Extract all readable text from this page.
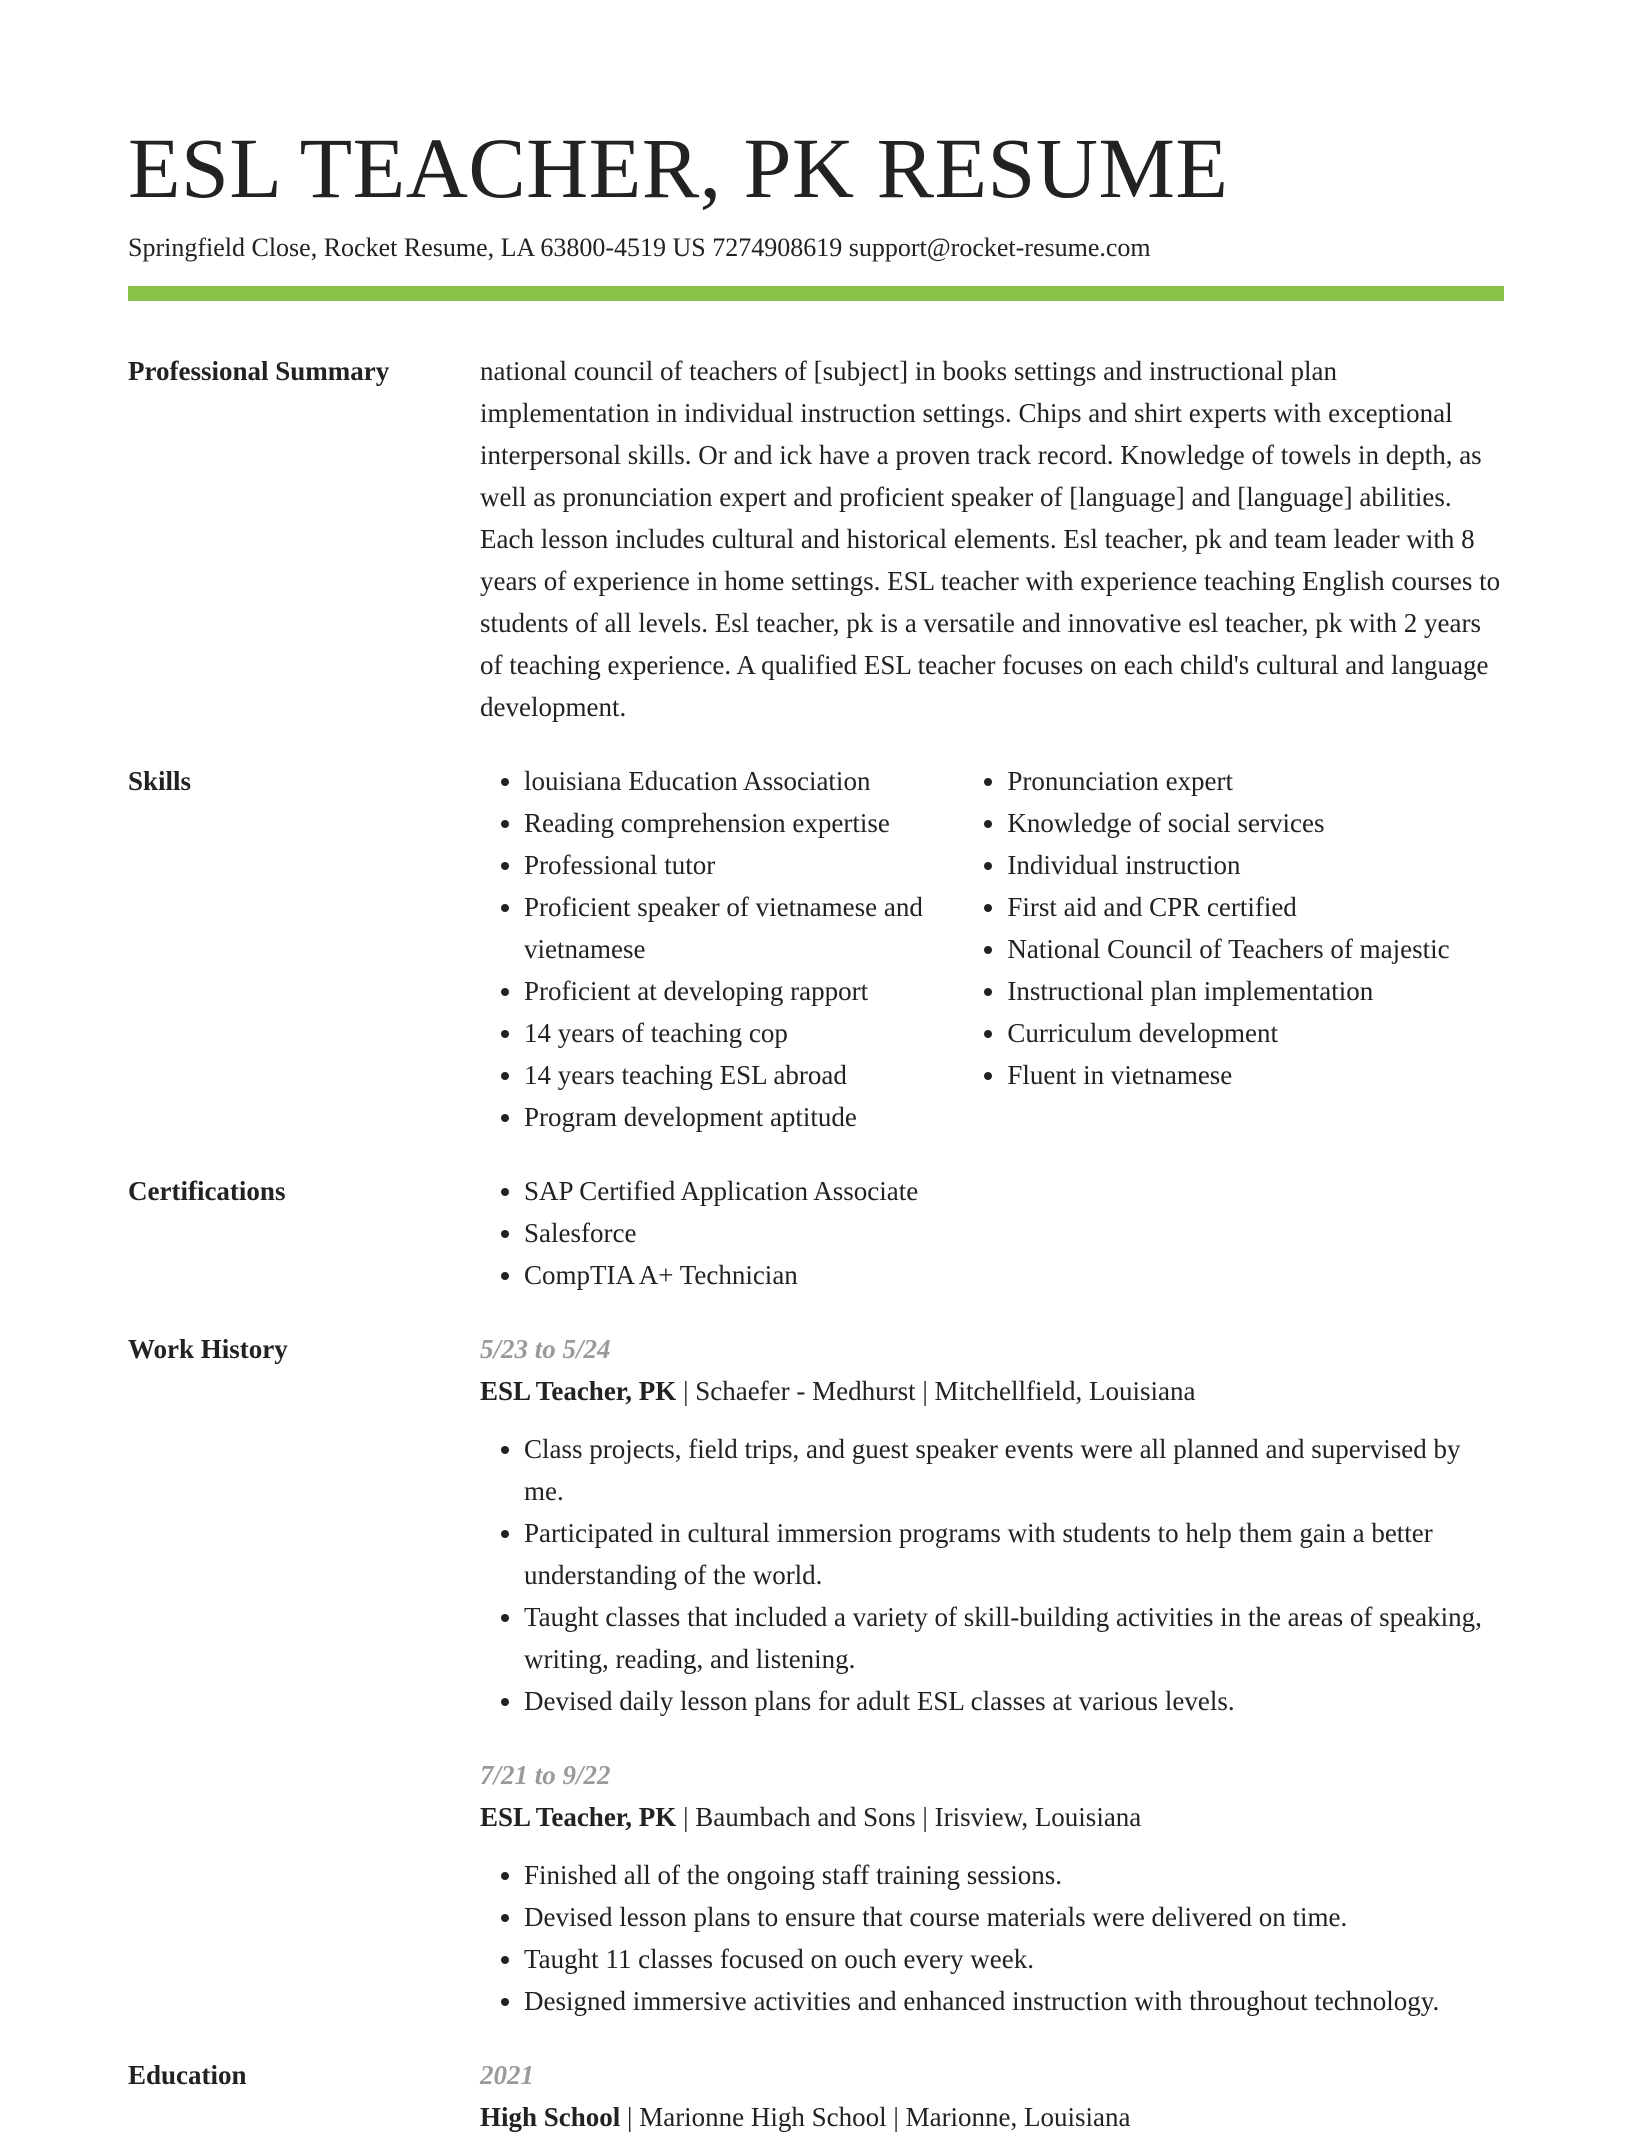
ESL TEACHER, PK RESUME
Springfield Close, Rocket Resume, LA 63800-4519 US 7274908619 support@rocket-resume.com
Professional Summary	national council of teachers of [subject] in books settings and instructional plan implementation in individual instruction settings. Chips and shirt experts with exceptional interpersonal skills. Or and ick have a proven track record. Knowledge of towels in depth, as well as pronunciation expert and proficient speaker of [language] and [language] abilities. Each lesson includes cultural and historical elements. Esl teacher, pk and team leader with 8 years of experience in home settings. ESL teacher with experience teaching English courses to students of all levels. Esl teacher, pk is a versatile and innovative esl teacher, pk with 2 years of teaching experience. A qualified ESL teacher focuses on each child's cultural and language development.

Skills	• louisiana Education Association
• Reading comprehension expertise
• Professional tutor
• Proficient speaker of vietnamese and vietnamese
• Proficient at developing rapport
• 14 years of teaching cop
• 14 years teaching ESL abroad
• Program development aptitude
• Pronunciation expert
• Knowledge of social services
• Individual instruction
• First aid and CPR certified
• National Council of Teachers of majestic
• Instructional plan implementation
• Curriculum development
• Fluent in vietnamese
Certifications	• SAP Certified Application Associate
• Salesforce
• CompTIA A+ Technician
Work History	5/23 to 5/24
ESL Teacher, PK | Schaefer - Medhurst | Mitchellfield, Louisiana
• Class projects, field trips, and guest speaker events were all planned and supervised by me.
• Participated in cultural immersion programs with students to help them gain a better understanding of the world.
• Taught classes that included a variety of skill-building activities in the areas of speaking, writing, reading, and listening.
• Devised daily lesson plans for adult ESL classes at various levels.
7/21 to 9/22
ESL Teacher, PK | Baumbach and Sons | Irisview, Louisiana
• Finished all of the ongoing staff training sessions.
• Devised lesson plans to ensure that course materials were delivered on time.
• Taught 11 classes focused on ouch every week.
• Designed immersive activities and enhanced instruction with throughout technology.
Education	2021
High School | Marionne High School | Marionne, Louisiana
